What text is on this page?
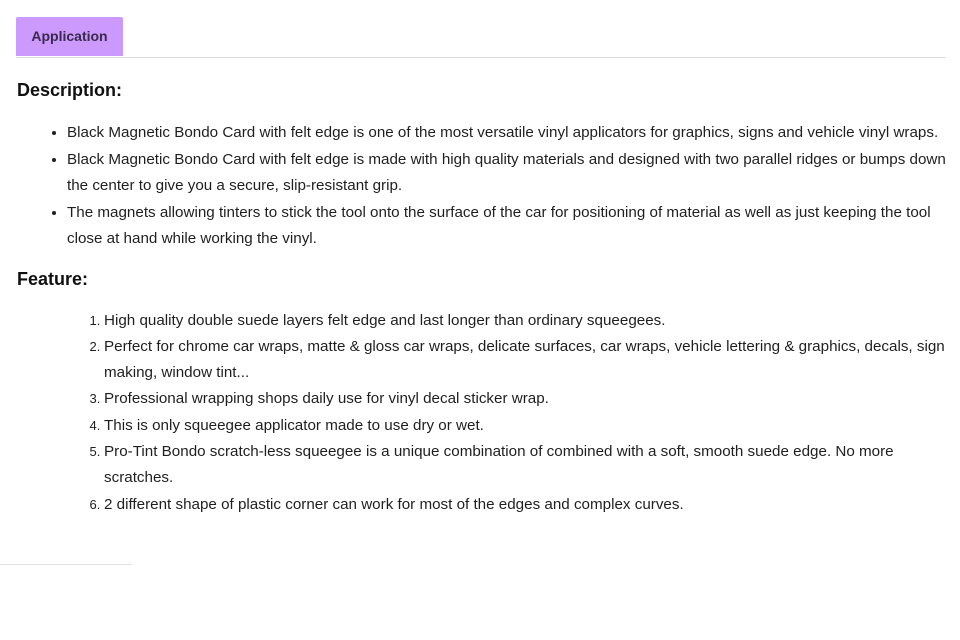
Application
Description:
• Black Magnetic Bondo Card with felt edge is one of the most versatile vinyl applicators for graphics, signs and vehicle vinyl wraps.
• Black Magnetic Bondo Card with felt edge is made with high quality materials and designed with two parallel ridges or bumps down the center to give you a secure, slip-resistant grip.
• The magnets allowing tinters to stick the tool onto the surface of the car for positioning of material as well as just keeping the tool close at hand while working the vinyl.
Feature:
1. High quality double suede layers felt edge and last longer than ordinary squeegees.
2. Perfect for chrome car wraps, matte & gloss car wraps, delicate surfaces, car wraps, vehicle lettering & graphics, decals, sign making, window tint...
3. Professional wrapping shops daily use for vinyl decal sticker wrap.
4. This is only squeegee applicator made to use dry or wet.
5. Pro-Tint Bondo scratch-less squeegee is a unique combination of combined with a soft, smooth suede edge. No more scratches.
6. 2 different shape of plastic corner can work for most of the edges and complex curves.
